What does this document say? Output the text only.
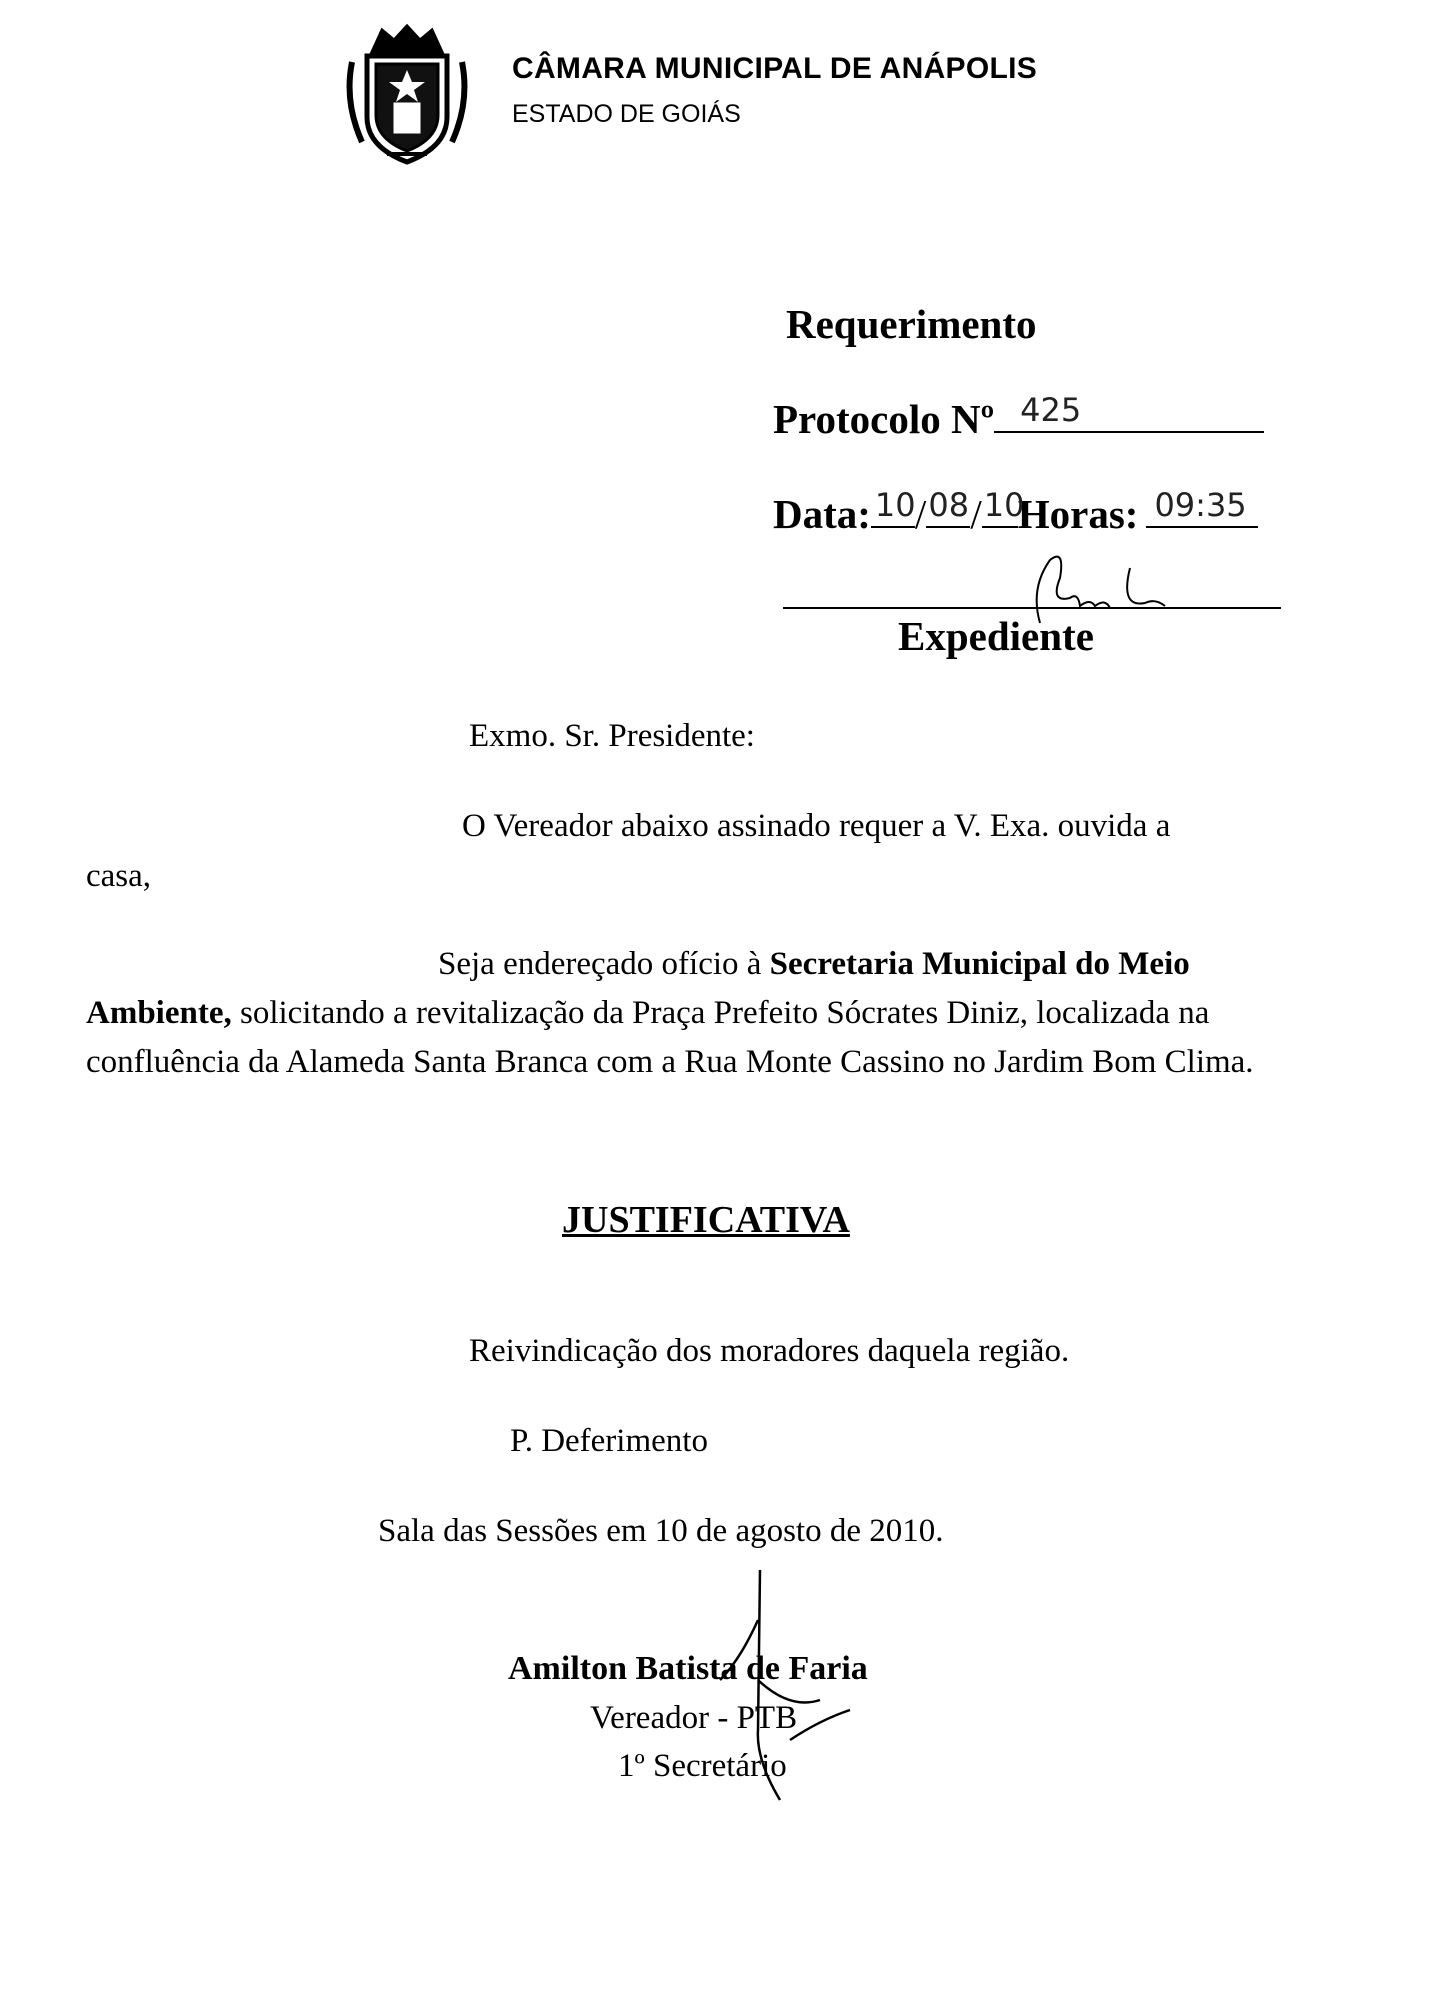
CÂMARA MUNICIPAL DE ANÁPOLIS
ESTADO DE GOIÁS
Requerimento
Protocolo Nº 425
Data: 10 / 08 / 10
Horas: 09:35
Expediente
Exmo. Sr. Presidente:
O Vereador abaixo assinado requer a V. Exa. ouvida a
casa,
Seja endereçado ofício à Secretaria Municipal do Meio Ambiente, solicitando a revitalização da Praça Prefeito Sócrates Diniz, localizada na confluência da Alameda Santa Branca com a Rua Monte Cassino no Jardim Bom Clima.
JUSTIFICATIVA
Reivindicação dos moradores daquela região.
P. Deferimento
Sala das Sessões em 10 de agosto de 2010.
Amilton Batista de Faria
Vereador - PTB
1º Secretário
